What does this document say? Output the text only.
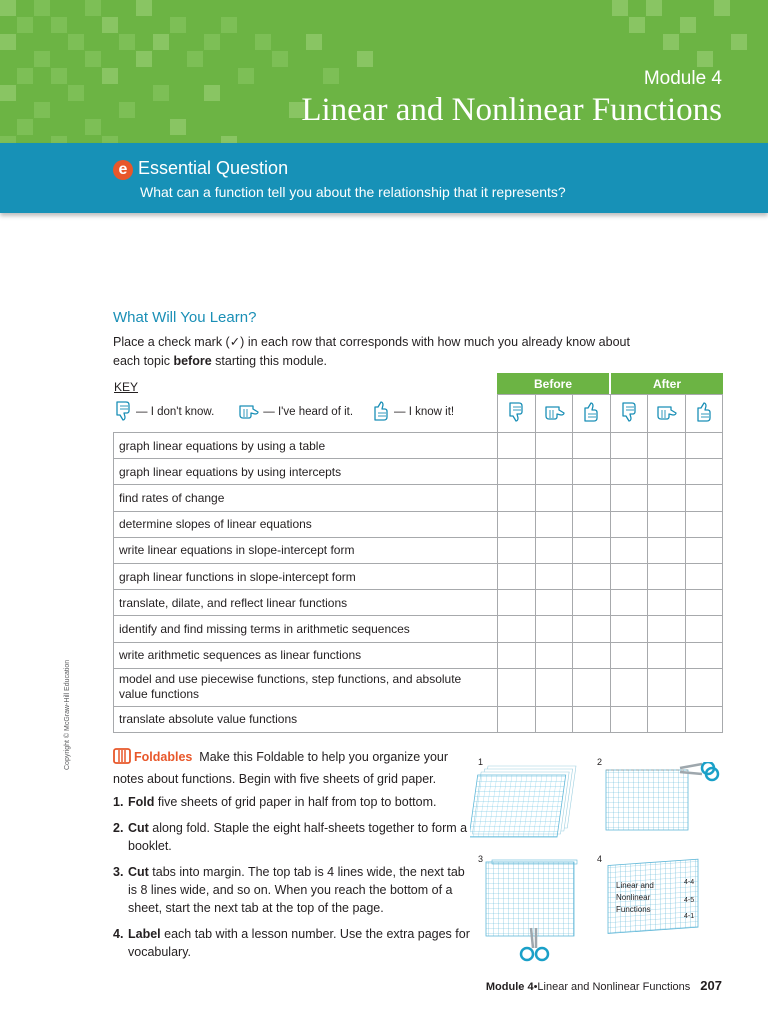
Module 4
Linear and Nonlinear Functions
e Essential Question
What can a function tell you about the relationship that it represents?
What Will You Learn?
Place a check mark (✓) in each row that corresponds with how much you already know about each topic before starting this module.
KEY
— I don't know.	— I've heard of it.	— I know it!
Before	After

graph linear equations by using a table						
graph linear equations by using intercepts						
find rates of change						
determine slopes of linear equations						
write linear equations in slope-intercept form						
graph linear functions in slope-intercept form						
translate, dilate, and reflect linear functions						
identify and find missing terms in arithmetic sequences						
write arithmetic sequences as linear functions						
model and use piecewise functions, step functions, and absolute value functions						
translate absolute value functions						
Copyright © McGraw-Hill Education	Foldables Make this Foldable to help you organize your notes about functions. Begin with five sheets of grid paper.
1. Fold five sheets of grid paper in half from top to bottom.
2. Cut along fold. Staple the eight half-sheets together to form a booklet.
3. Cut tabs into margin. The top tab is 4 lines wide, the next tab is 8 lines wide, and so on. When you reach the bottom of a sheet, start the next tab at the top of the page.
4. Label each tab with a lesson number. Use the extra pages for vocabulary.
1	2
3	4
Linear and
Nonlinear
Functions
4-4
4-5
4-1
Module 4 • Linear and Nonlinear Functions 207
